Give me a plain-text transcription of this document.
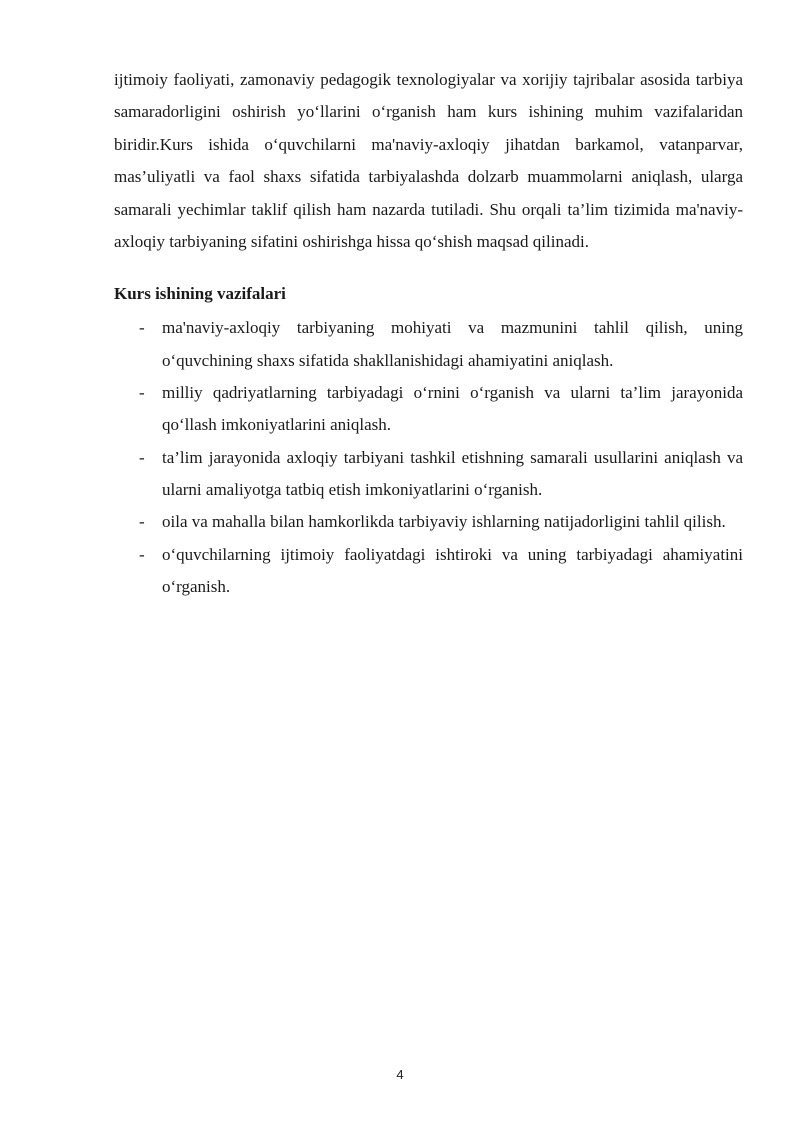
ijtimoiy faoliyati, zamonaviy pedagogik texnologiyalar va xorijiy tajribalar asosida tarbiya samaradorligini oshirish yo‘llarini o‘rganish ham kurs ishining muhim vazifalaridan biridir.Kurs ishida o‘quvchilarni ma'naviy-axloqiy jihatdan barkamol, vatanparvar, mas’uliyatli va faol shaxs sifatida tarbiyalashda dolzarb muammolarni aniqlash, ularga samarali yechimlar taklif qilish ham nazarda tutiladi. Shu orqali ta’lim tizimida ma'naviy-axloqiy tarbiyaning sifatini oshirishga hissa qo‘shish maqsad qilinadi.

Kurs ishining vazifalari
- ma'naviy-axloqiy tarbiyaning mohiyati va mazmunini tahlil qilish, uning o‘quvchining shaxs sifatida shakllanishidagi ahamiyatini aniqlash.
- milliy qadriyatlarning tarbiyadagi o‘rnini o‘rganish va ularni ta’lim jarayonida qo‘llash imkoniyatlarini aniqlash.
- ta’lim jarayonida axloqiy tarbiyani tashkil etishning samarali usullarini aniqlash va ularni amaliyotga tatbiq etish imkoniyatlarini o‘rganish.
- oila va mahalla bilan hamkorlikda tarbiyaviy ishlarning natijadorligini tahlil qilish.
- o‘quvchilarning ijtimoiy faoliyatdagi ishtiroki va uning tarbiyadagi ahamiyatini o‘rganish.
4
